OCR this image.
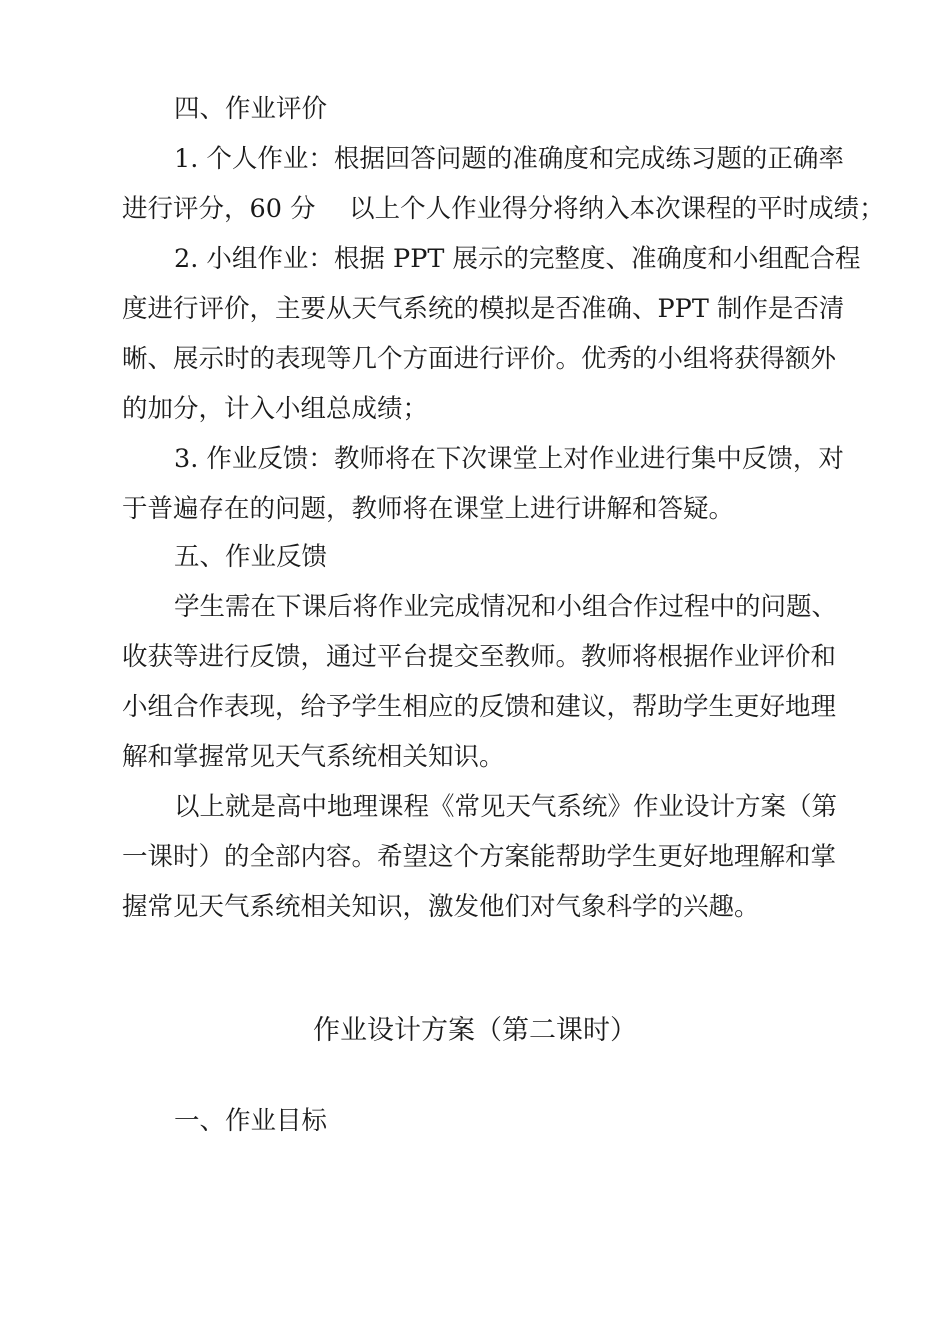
四、作业评价
1. 个人作业：根据回答问题的准确度和完成练习题的正确率
进行评分，60 分　 以上个人作业得分将纳入本次课程的平时成绩；
2. 小组作业：根据 PPT 展示的完整度、准确度和小组配合程
度进行评价，主要从天气系统的模拟是否准确、PPT 制作是否清
晰、展示时的表现等几个方面进行评价。优秀的小组将获得额外
的加分，计入小组总成绩；
3. 作业反馈：教师将在下次课堂上对作业进行集中反馈，对
于普遍存在的问题，教师将在课堂上进行讲解和答疑。
五、作业反馈
学生需在下课后将作业完成情况和小组合作过程中的问题、
收获等进行反馈，通过平台提交至教师。教师将根据作业评价和
小组合作表现，给予学生相应的反馈和建议，帮助学生更好地理
解和掌握常见天气系统相关知识。
以上就是高中地理课程《常见天气系统》作业设计方案（第
一课时）的全部内容。希望这个方案能帮助学生更好地理解和掌
握常见天气系统相关知识，激发他们对气象科学的兴趣。
作业设计方案（第二课时）
一、作业目标
